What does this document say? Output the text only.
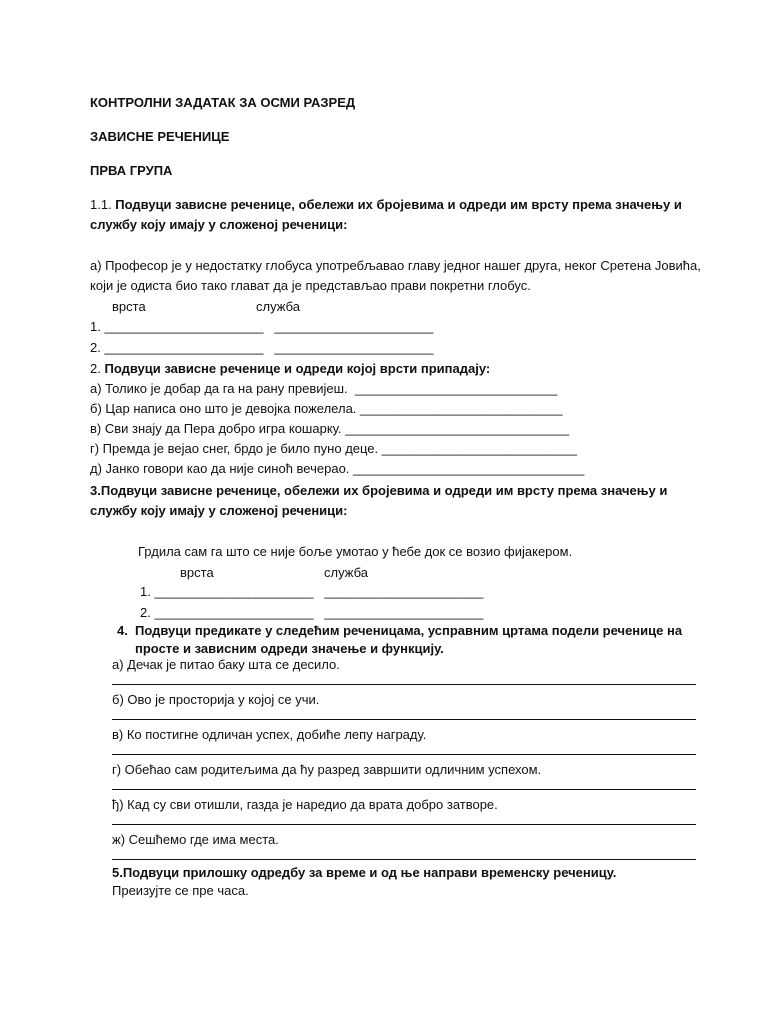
КОНТРОЛНИ ЗАДАТАК ЗА ОСМИ РАЗРЕД
ЗАВИСНЕ РЕЧЕНИЦЕ
ПРВА ГРУПА
1.1. Подвуци зависне реченице, обележи их бројевима и одреди им врсту према значењу и
службу коју имају у сложеној реченици:
а) Професор је у недостатку глобуса употребљавао главу једног нашег друга, неког Сретена Јовића,
који је одиста био тако глават да је представљао прави покретни глобус.
врста	служба
1. ______________________   ______________________
2. ______________________   ______________________
2. Подвуци зависне реченице и одреди којој врсти припадају:
а) Толико је добар да га на рану превијеш.  ____________________________
б) Цар написа оно што је девојка пожелела. ____________________________
в) Сви знају да Пера добро игра кошарку. _______________________________
г) Премда је вејао снег, брдо је било пуно деце. ___________________________
д) Јанко говори као да није синоћ вечерао. ________________________________
3.Подвуци зависне реченице, обележи их бројевима и одреди им врсту према значењу и
службу коју имају у сложеној реченици:
Грдила сам га што се није боље умотао у ћебе док се возио фијакером.
врста	служба
1. ______________________   ______________________
2. ______________________   ______________________
4. Подвуци предикате у следећим реченицама, усправним цртама подели реченице на
просте и зависним одреди значење и функцију.
а) Дечак је питао баку шта се десило.
б) Ово је просторија у којој се учи.
в) Ко постигне одличан успех, добиће лепу награду.
г) Обећао сам родитељима да ћу разред завршити одличним успехом.
ђ) Кад су сви отишли, газда је наредио да врата добро затворе.
ж) Сешћемо где има места.
5.Подвуци прилошку одредбу за време и од ње направи временску реченицу.
Преизујте се пре часа.
